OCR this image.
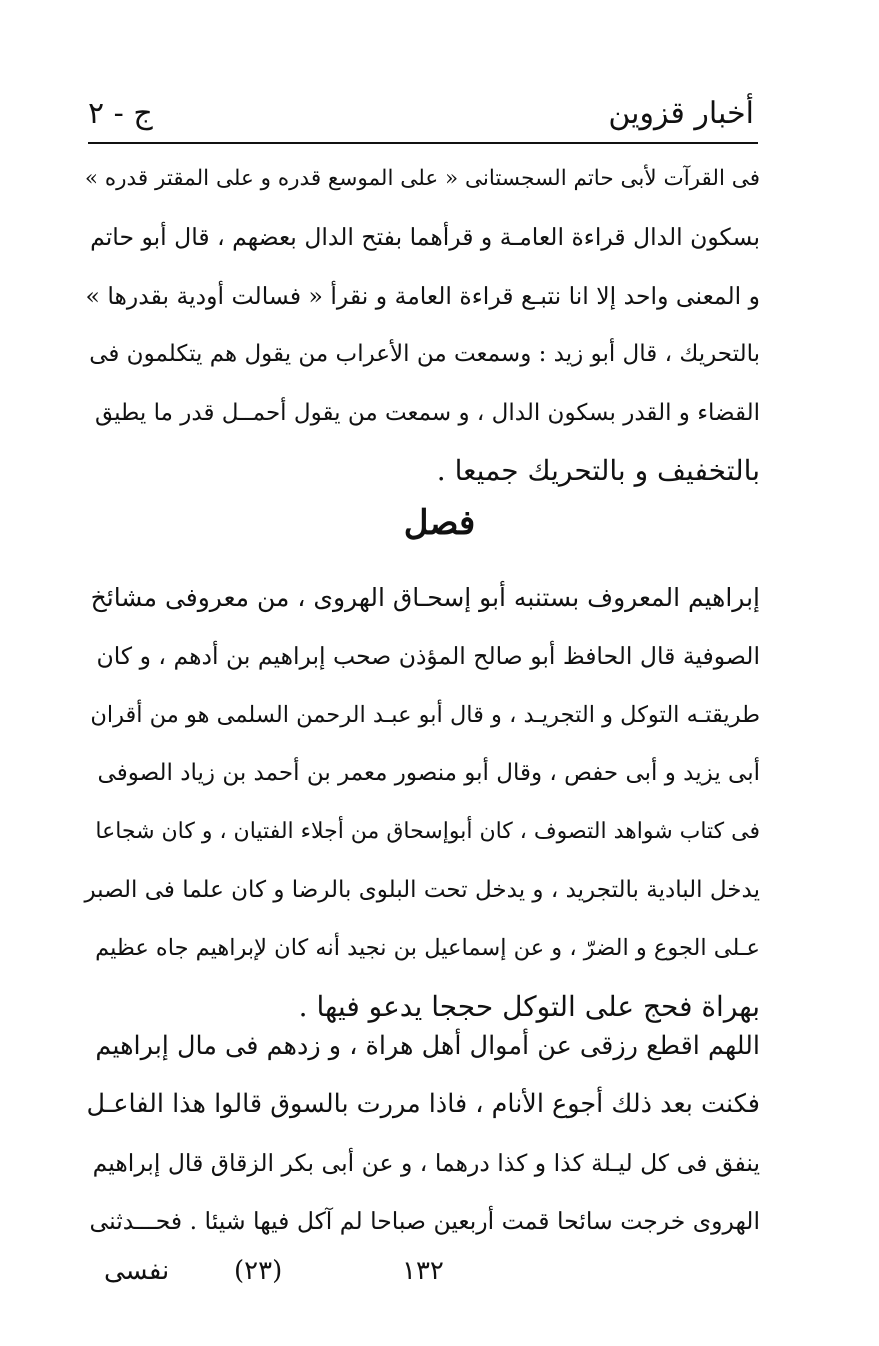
أخبار قزوين
ج - ٢
فى القرآت لأبى حاتم السجستانى « على الموسع قدره و على المقتر قدره »
بسكون الدال قراءة العامـة و قرأهما بفتح الدال بعضهم ، قال أبو حاتم
و المعنى واحد إلا انا نتبـع قراءة العامة و نقرأ « فسالت أودية بقدرها »
بالتحريك ، قال أبو زيد : وسمعت من الأعراب من يقول هم يتكلمون فى
القضاء و القدر بسكون الدال ، و سمعت من يقول أحمــل قدر ما يطيق
بالتخفيف و بالتحريك جميعا .
فصل
إبراهيم المعروف بستنبه أبو إسحـاق الهروى ، من معروفى مشائخ
الصوفية قال الحافظ أبو صالح المؤذن صحب إبراهيم بن أدهم ، و كان
طريقتـه التوكل و التجريـد ، و قال أبو عبـد الرحمن السلمى هو من أقران
أبى يزيد و أبى حفص ، وقال أبو منصور معمر بن أحمد بن زياد الصوفى
فى كتاب شواهد التصوف ، كان أبوإسحاق من أجلاء الفتيان ، و كان شجاعا
يدخل البادية بالتجريد ، و يدخل تحت البلوى بالرضا و كان علما فى الصبر
عـلى الجوع و الضرّ ، و عن إسماعيل بن نجيد أنه كان لإبراهيم جاه عظيم
بهراة فحج على التوكل حججا يدعو فيها .
اللهم اقطع رزقى عن أموال أهل هراة ، و زدهم فى مال إبراهيم
فكنت بعد ذلك أجوع الأنام ، فاذا مررت بالسوق قالوا هذا الفاعـل
ينفق فى كل ليـلة كذا و كذا درهما ، و عن أبى بكر الزقاق قال إبراهيم
الهروى خرجت سائحا قمت أربعين صباحا لم آكل فيها شيئا . فحـــدثنى
نفسى (٢٣)	١٣٢
